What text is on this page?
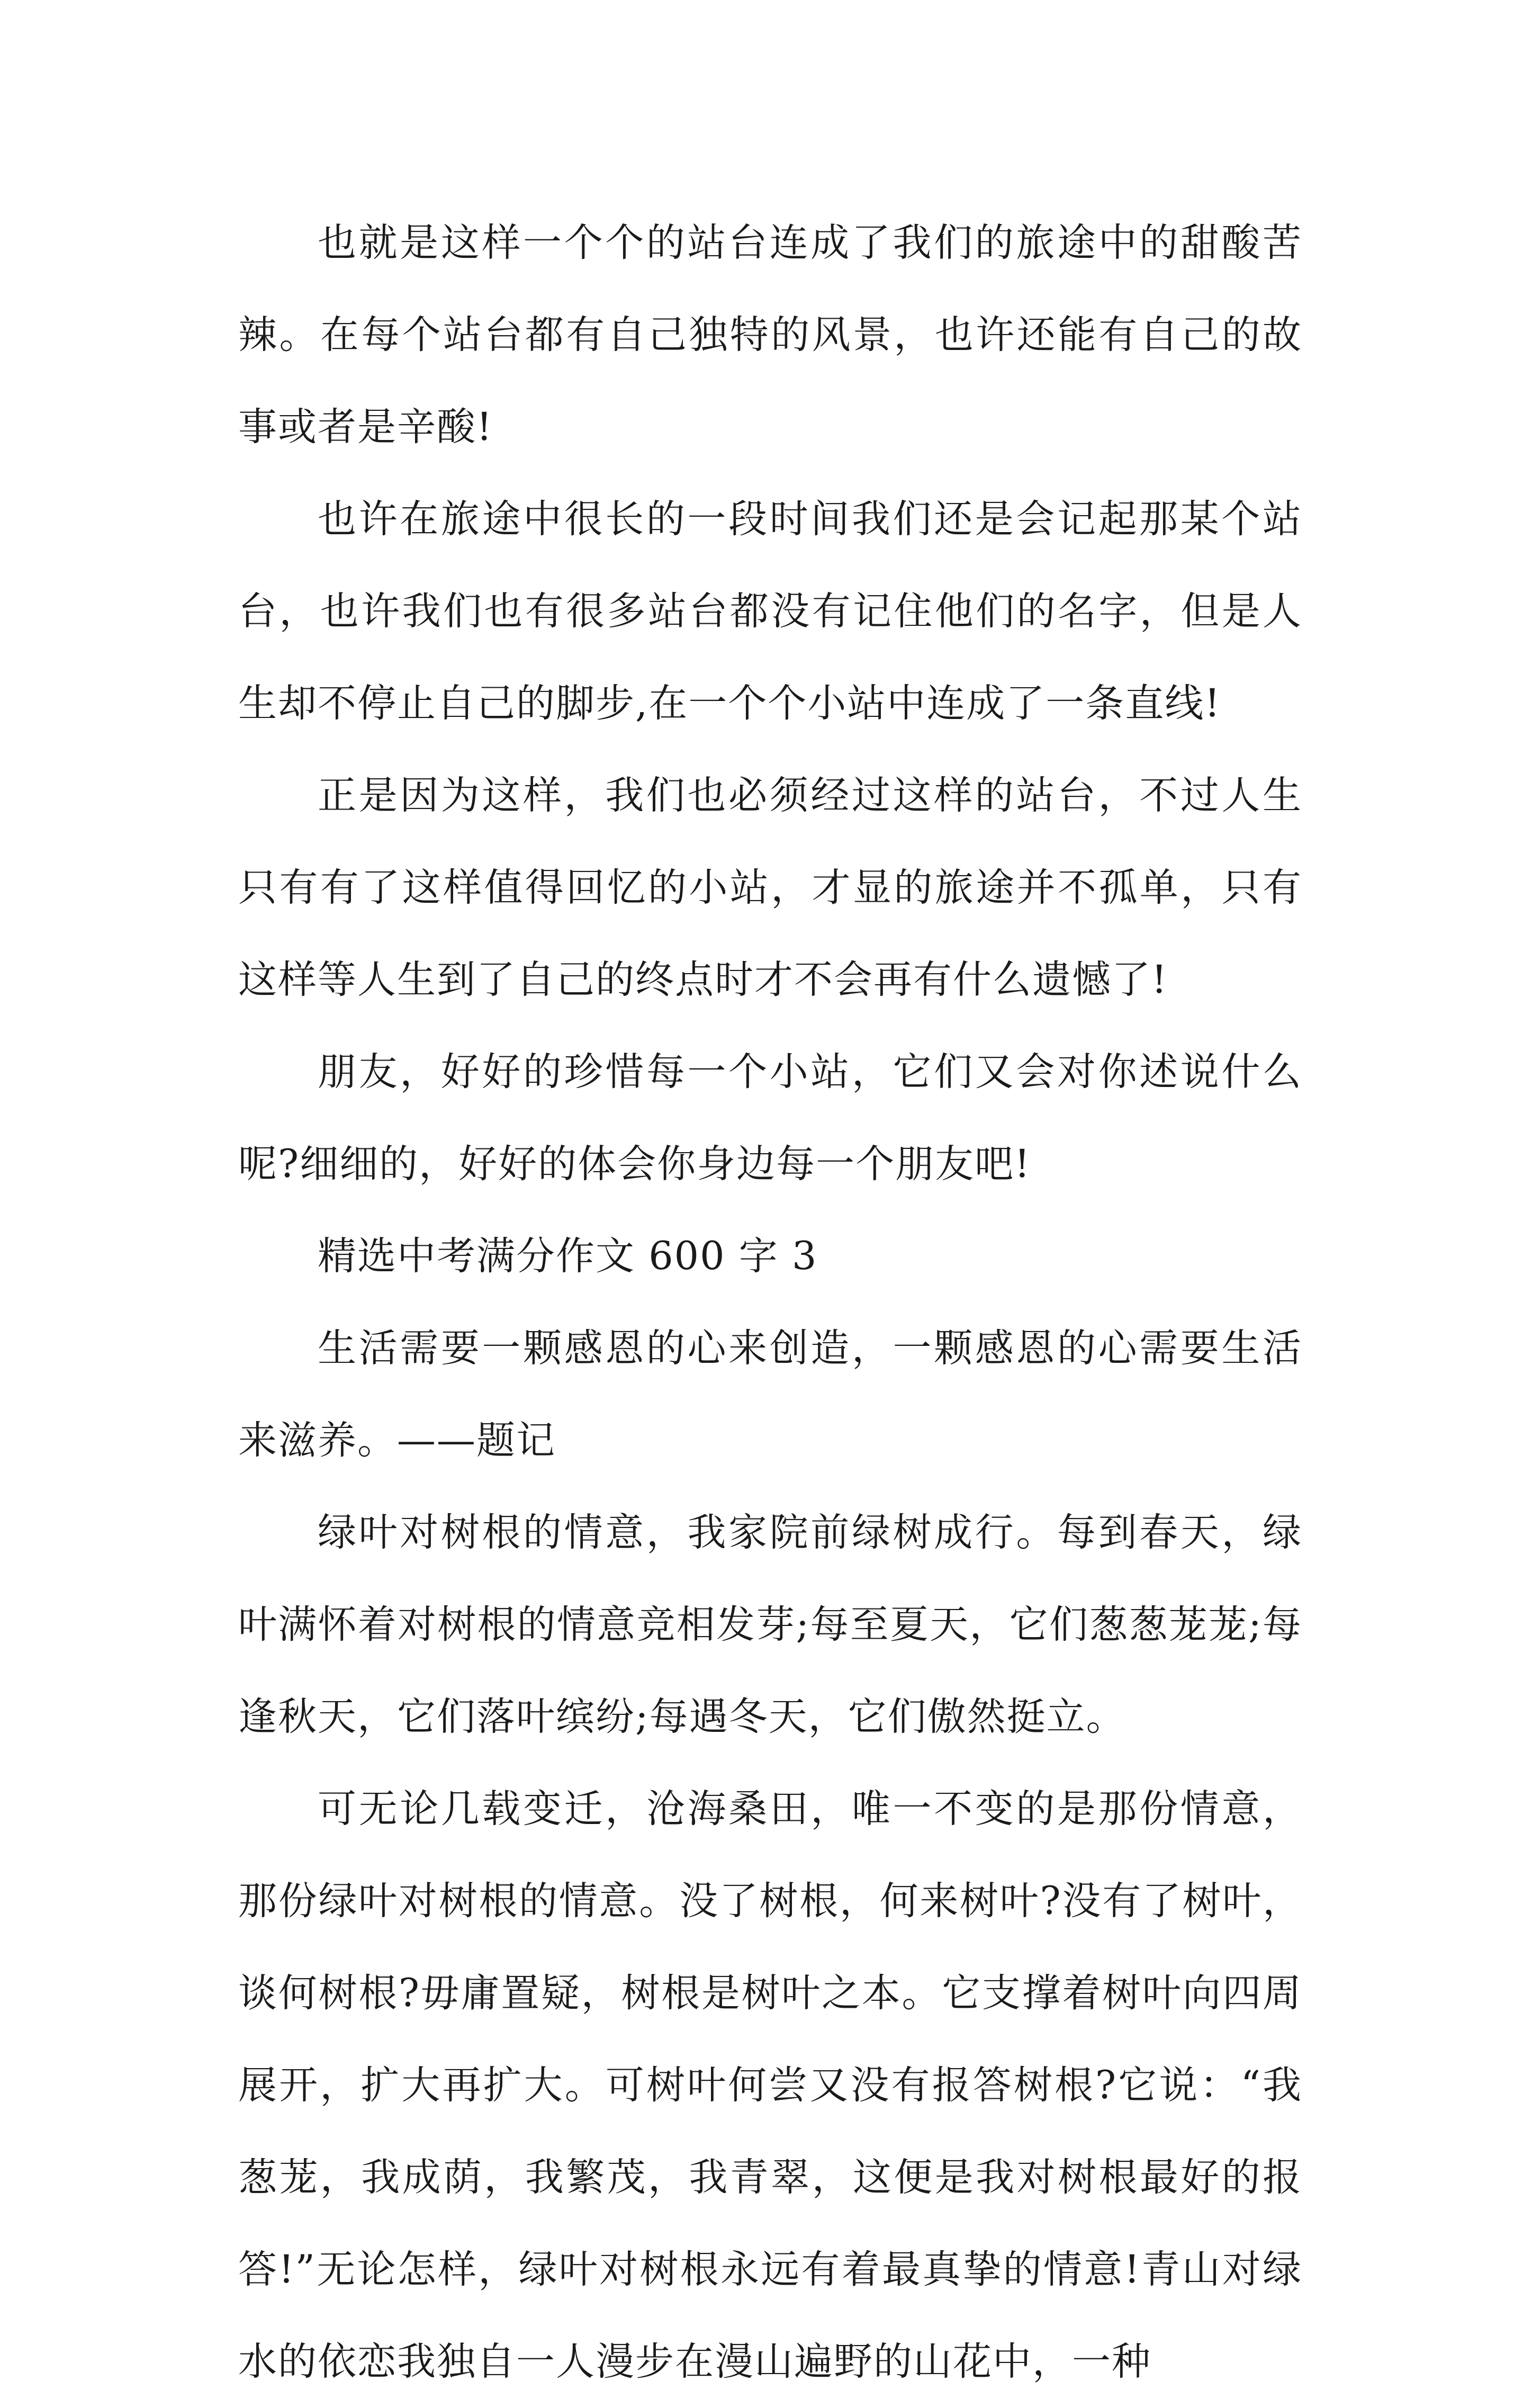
也就是这样一个个的站台连成了我们的旅途中的甜酸苦辣。在每个站台都有自己独特的风景，也许还能有自己的故事或者是辛酸!

也许在旅途中很长的一段时间我们还是会记起那某个站台，也许我们也有很多站台都没有记住他们的名字，但是人生却不停止自己的脚步,在一个个小站中连成了一条直线!

正是因为这样，我们也必须经过这样的站台，不过人生只有有了这样值得回忆的小站，才显的旅途并不孤单，只有这样等人生到了自己的终点时才不会再有什么遗憾了!

朋友，好好的珍惜每一个小站，它们又会对你述说什么呢?细细的，好好的体会你身边每一个朋友吧!

精选中考满分作文 600 字 3

生活需要一颗感恩的心来创造，一颗感恩的心需要生活来滋养。——题记

绿叶对树根的情意，我家院前绿树成行。每到春天，绿叶满怀着对树根的情意竞相发芽;每至夏天，它们葱葱茏茏;每逢秋天，它们落叶缤纷;每遇冬天，它们傲然挺立。

可无论几载变迁，沧海桑田，唯一不变的是那份情意，那份绿叶对树根的情意。没了树根，何来树叶?没有了树叶，谈何树根?毋庸置疑，树根是树叶之本。它支撑着树叶向四周展开，扩大再扩大。可树叶何尝又没有报答树根?它说：“我葱茏，我成荫，我繁茂，我青翠，这便是我对树根最好的报答!”无论怎样，绿叶对树根永远有着最真挚的情意!青山对绿水的依恋我独自一人漫步在漫山遍野的山花中，一种
